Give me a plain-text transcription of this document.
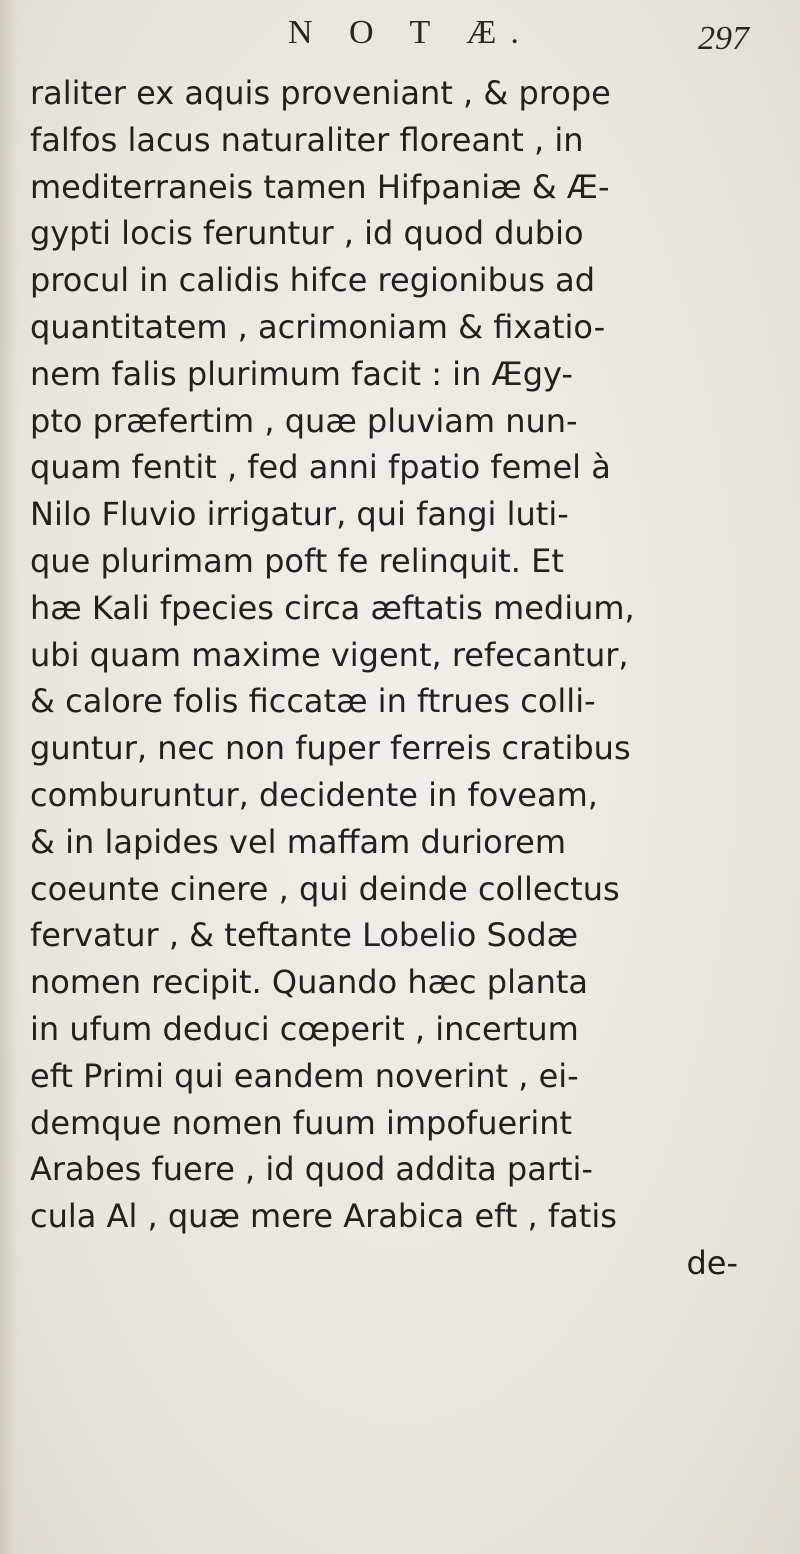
N O T Æ.	297
raliter ex aquis proveniant , & prope
falfos lacus naturaliter floreant , in
mediterraneis tamen Hifpaniæ & Æ-
gypti locis feruntur , id quod dubio
procul in calidis hifce regionibus ad
quantitatem , acrimoniam & fixatio-
nem falis plurimum facit : in Ægy-
pto præfertim , quæ pluviam nun-
quam fentit , fed anni fpatio femel à
Nilo Fluvio irrigatur, qui fangi luti-
que plurimam poft fe relinquit. Et
hæ Kali fpecies circa æftatis medium,
ubi quam maxime vigent, refecantur,
& calore folis ficcatæ in ftrues colli-
guntur, nec non fuper ferreis cratibus
comburuntur, decidente in foveam,
& in lapides vel maffam duriorem
coeunte cinere , qui deinde collectus
fervatur , & teftante Lobelio Sodæ
nomen recipit. Quando hæc planta
in ufum deduci cœperit , incertum
eft Primi qui eandem noverint , ei-
demque nomen fuum impofuerint
Arabes fuere , id quod addita parti-
cula Al , quæ mere Arabica eft , fatis
de-
